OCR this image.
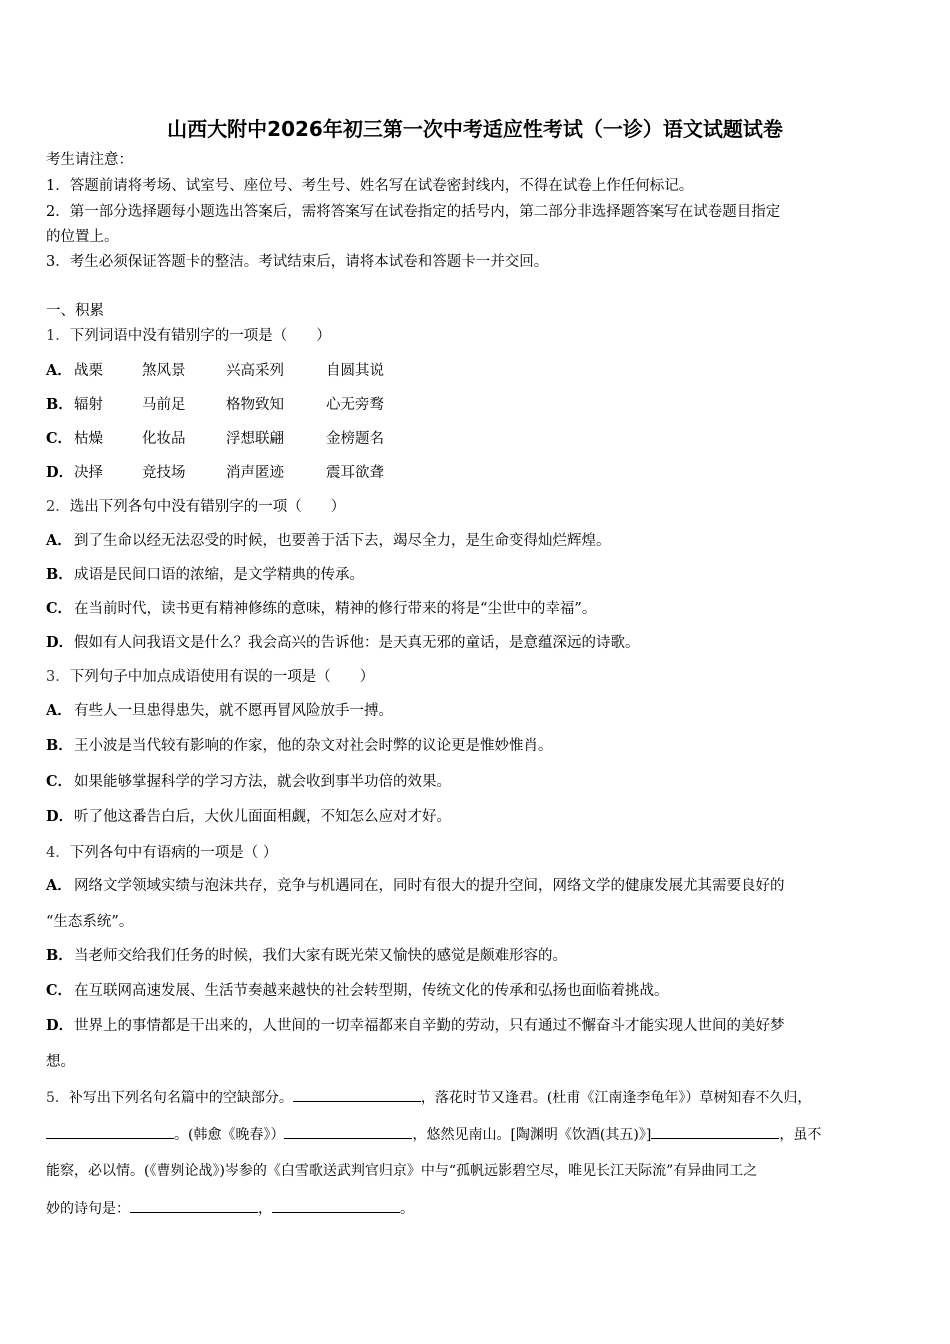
山西大附中2026年初三第一次中考适应性考试（一诊）语文试题试卷
考生请注意：
1．答题前请将考场、试室号、座位号、考生号、姓名写在试卷密封线内，不得在试卷上作任何标记。
2．第一部分选择题每小题选出答案后，需将答案写在试卷指定的括号内，第二部分非选择题答案写在试卷题目指定
的位置上。
3．考生必须保证答题卡的整洁。考试结束后，请将本试卷和答题卡一并交回。
一、积累
1．下列词语中没有错别字的一项是（　　）
A． 战栗	煞风景	兴高采列	自圆其说
B．辐射	马前足	格物致知	心无旁骛
C． 枯燥	化妆品	浮想联翩	金榜题名
D．决择	竞技场	消声匿迹	震耳欲聋
2．选出下列各句中没有错别字的一项（　　）
A． 到了生命以经无法忍受的时候，也要善于活下去，竭尽全力，是生命变得灿烂辉煌。
B．成语是民间口语的浓缩，是文学精典的传承。
C． 在当前时代，读书更有精神修练的意味，精神的修行带来的将是“尘世中的幸福”。
D．假如有人问我语文是什么？我会高兴的告诉他：是天真无邪的童话，是意蕴深远的诗歌。
3．下列句子中加点成语使用有误的一项是（　　）
A． 有些人一旦患得患失，就不愿再冒风险放手一搏。
B．王小波是当代较有影响的作家，他的杂文对社会时弊的议论更是惟妙惟肖。
C． 如果能够掌握科学的学习方法，就会收到事半功倍的效果。
D．听了他这番告白后，大伙儿面面相觑，不知怎么应对才好。
4．下列各句中有语病的一项是（ ）
A． 网络文学领域实绩与泡沫共存，竞争与机遇同在，同时有很大的提升空间，网络文学的健康发展尤其需要良好的
“生态系统”。
B．当老师交给我们任务的时候，我们大家有既光荣又愉快的感觉是颇难形容的。
C． 在互联网高速发展、生活节奏越来越快的社会转型期，传统文化的传承和弘扬也面临着挑战。
D．世界上的事情都是干出来的，人世间的一切幸福都来自辛勤的劳动，只有通过不懈奋斗才能实现人世间的美好梦
想。
5．补写出下列名句名篇中的空缺部分。	，落花时节又逢君。(杜甫《江南逢李龟年》）草树知春不久归，
。(韩愈《晚春》）	，悠然见南山。[陶渊明《饮酒(其五)》]	，虽不
能察，必以情。(《曹刿论战》)岑参的《白雪歌送武判官归京》中与“孤帆远影碧空尽，唯见长江天际流”有异曲同工之
妙的诗句是：	，	。
